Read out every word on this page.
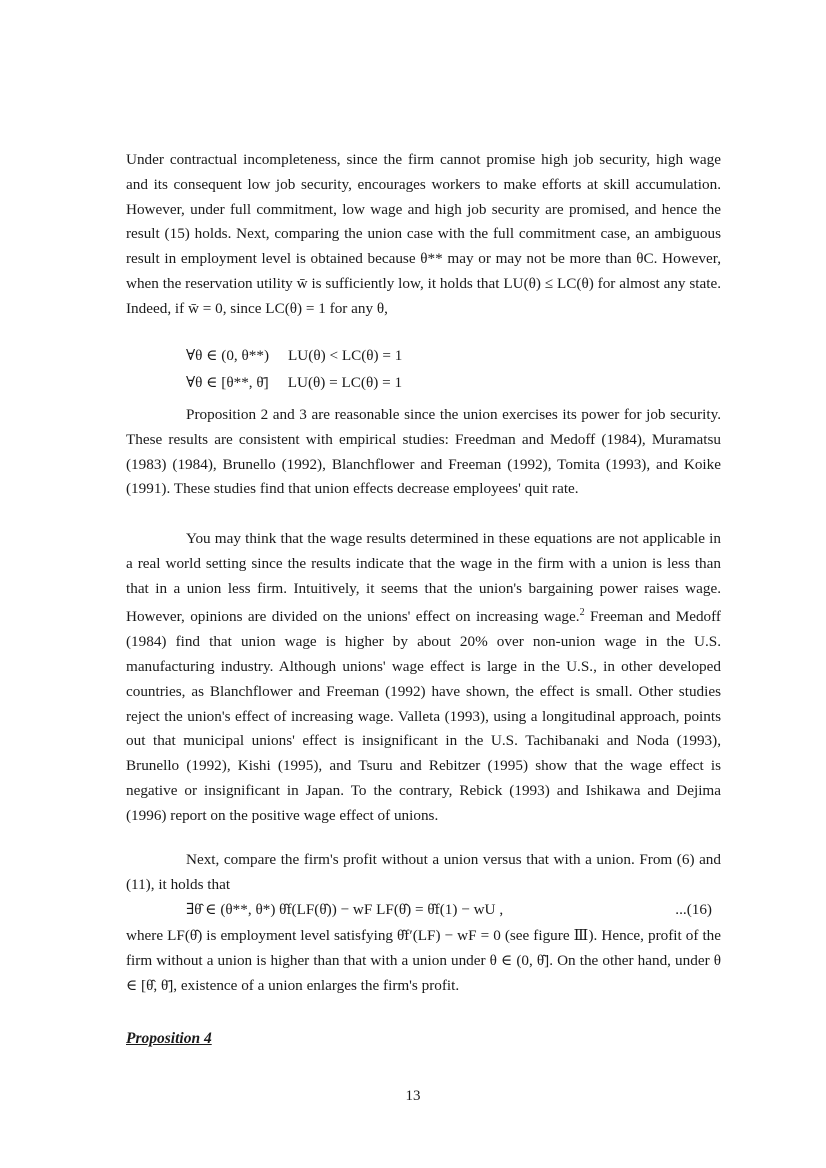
Under contractual incompleteness, since the firm cannot promise high job security, high wage and its consequent low job security, encourages workers to make efforts at skill accumulation. However, under full commitment, low wage and high job security are promised, and hence the result (15) holds. Next, comparing the union case with the full commitment case, an ambiguous result in employment level is obtained because θ** may or may not be more than θC. However, when the reservation utility w̄ is sufficiently low, it holds that LU(θ) ≤ LC(θ) for almost any state. Indeed, if w̄ = 0, since LC(θ) = 1 for any θ,

∀θ ∈ (0, θ**)     LU(θ) < LC(θ) = 1
∀θ ∈ [θ**, θ̄]     LU(θ) = LC(θ) = 1

Proposition 2 and 3 are reasonable since the union exercises its power for job security. These results are consistent with empirical studies: Freedman and Medoff (1984), Muramatsu (1983) (1984), Brunello (1992), Blanchflower and Freeman (1992), Tomita (1993), and Koike (1991). These studies find that union effects decrease employees' quit rate.

You may think that the wage results determined in these equations are not applicable in a real world setting since the results indicate that the wage in the firm with a union is less than that in a union less firm. Intuitively, it seems that the union's bargaining power raises wage. However, opinions are divided on the unions' effect on increasing wage.$^2$ Freeman and Medoff (1984) find that union wage is higher by about 20% over non-union wage in the U.S. manufacturing industry. Although unions' wage effect is large in the U.S., in other developed countries, as Blanchflower and Freeman (1992) have shown, the effect is small. Other studies reject the union's effect of increasing wage. Valleta (1993), using a longitudinal approach, points out that municipal unions' effect is insignificant in the U.S. Tachibanaki and Noda (1993), Brunello (1992), Kishi (1995), and Tsuru and Rebitzer (1995) show that the wage effect is negative or insignificant in Japan. To the contrary, Rebick (1993) and Ishikawa and Dejima (1996) report on the positive wage effect of unions.

Next, compare the firm's profit without a union versus that with a union. From (6) and (11), it holds that

∃θ̂ ∈ (θ**, θ*) θ̂f(LF(θ̂)) − wF LF(θ̂) = θ̂f(1) − wU ,	...(16)

where LF(θ̂) is employment level satisfying θ̂f′(LF) − wF = 0 (see figure Ⅲ). Hence, profit of the firm without a union is higher than that with a union under θ ∈ (0, θ̂]. On the other hand, under θ ∈ [θ̂, θ̄], existence of a union enlarges the firm's profit.

Proposition 4
13
